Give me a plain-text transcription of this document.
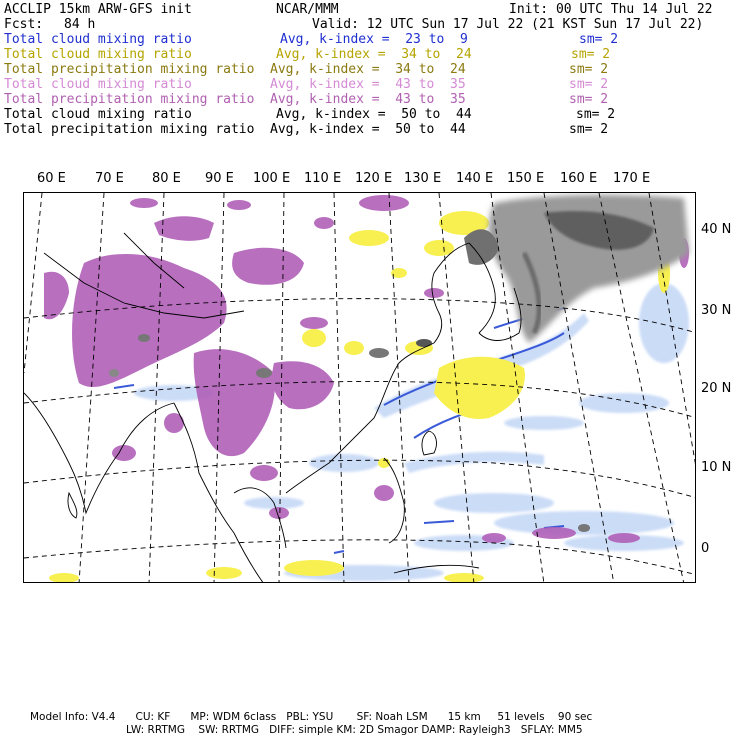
ACCLIP 15km ARW-GFS init	NCAR/MMM	Init: 00 UTC Thu 14 Jul 22
Fcst: 84 h	Valid: 12 UTC Sun 17 Jul 22 (21 KST Sun 17 Jul 22)
Total cloud mixing ratio	Avg, k-index =  23 to  9	sm= 2
Total cloud mixing ratio	Avg, k-index =  34 to  24	sm= 2
Total precipitation mixing ratio Avg, k-index =  34 to  24	sm= 2
Total cloud mixing ratio	Avg, k-index =  43 to  35	sm= 2
Total precipitation mixing ratio Avg, k-index =  43 to  35	sm= 2
Total cloud mixing ratio	Avg, k-index =  50 to  44	sm= 2
Total precipitation mixing ratio Avg, k-index =  50 to  44	sm= 2
60 E 70 E 80 E 90 E 100 E 110 E 120 E 130 E 140 E 150 E 160 E 170 E
40 N
30 N
20 N
10 N
0
Model Info: V4.4      CU: KF      MP: WDM 6class   PBL: YSU       SF: Noah LSM      15 km     51 levels    90 sec
LW: RRTMG    SW: RRTMG   DIFF: simple KM: 2D Smagor DAMP: Rayleigh3   SFLAY: MM5
